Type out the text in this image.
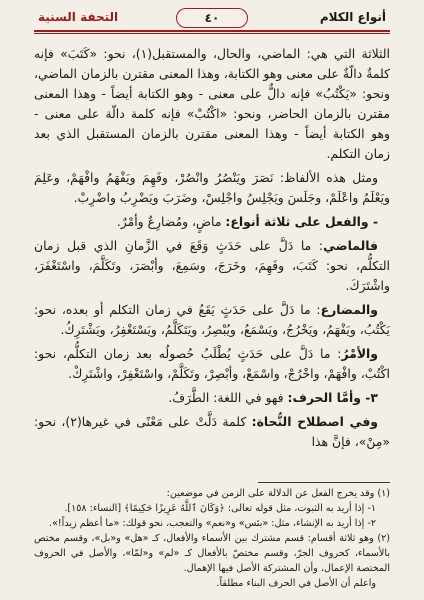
أنواع الكلام
٤٠
التحفة السنية

الثلاثة التي هي: الماضي، والحال، والمستقبل(١)، نحو: «كَتَبَ» فإنه كلمةٌ دالّةٌ على معنى وهو الكتابة، وهذا المعنى مقترن بالزمان الماضي، ونحو: «يَكْتُبُ» فإنه دالٌّ على معنى - وهو الكتابة أيضاً - وهذا المعنى مقترن بالزمان الحاضر، ونحو: «اكْتُبْ» فإنه كلمة دالّة على معنى - وهو الكتابة أيضاً - وهذا المعنى مقترن بالزمان المستقبل الذي بعد زمان التكلم.

ومثل هذه الألفاظ: نَصَرَ ويَنْصُرُ وانْصُرْ، وفَهِمَ ويَفْهَمُ وافْهَمْ، وعَلِمَ ويَعْلَمُ واعْلَمْ، وجَلَسَ ويَجْلِسُ واجْلِسْ، وضَرَبَ ويَضْرِبُ واضْرِبْ.

- والفعل على ثلاثة أنواع: ماضٍ، ومُضارِعٌ وأمْرٌ.

فالماضي: ما دَلَّ على حَدَثٍ وَقَعَ في الزَّمانِ الذي قبل زمان التكلُّم، نحو: كَتَبَ، وفَهِمَ، وخَرَجَ، وسَمِعَ، وأبْصَرَ، وتَكَلَّمَ، واسْتَغْفَرَ، واشْتَرَكَ.

والمضارع: ما دَلَّ على حَدَثٍ يَقَعُ في زمان التكلم أو بعده، نحو: يَكْتُبُ، ويَفْهَمُ، ويَخْرُجُ، ويَسْمَعُ، ويُبْصِرُ، ويَتَكَلَّمُ، ويَسْتَغْفِرُ، ويَشْتَرِكُ.

والأمْرُ: ما دَلَّ على حَدَثٍ يُطْلَبُ حُصولُه بعد زمان التكلُّم، نحو: اكْتُبْ، وافْهَمْ، واخْرُجْ، واسْمَعْ، وأبْصِرْ، وتَكَلَّمْ، واسْتَغْفِرْ، واشْتَرِكْ.

٣- وأمَّا الحرف: فهو في اللغة: الطَّرَفُ.

وفي اصطلاح النُّحاة: كلمة دَلَّتْ على مَعْنًى في غيرها(٢)، نحو: «مِنْ»، فإنَّ هذا

(١) وقد يخرج الفعل عن الدلالة على الزمن في موضعين:

١- إذا أريد به الثبوت، مثل قوله تعالى: ﴿وَكَانَ ٱللَّهُ عَزِيزًا حَكِيمًا﴾ [النساء: ١٥٨].

٢- إذا أريد به الإنشاء، مثل: «بئس» و«نعم» والتعجب، نحو قولك: «ما أعظم زيداً!».

(٢) وهو ثلاثة أقسام: قسم مشترك بين الأسماء والأفعال، كـ «هل» و«بل»، وقسم مختص بالأسماء، كحروف الجرّ، وقسم مختصّ بالأفعال كـ «لم» و«لمّا»، والأصل في الحروف المختصة الإعمال، وأن المشتركة الأصل فيها الإهمال.

واعلم أن الأصل في الحرف البناء مطلقاً.
